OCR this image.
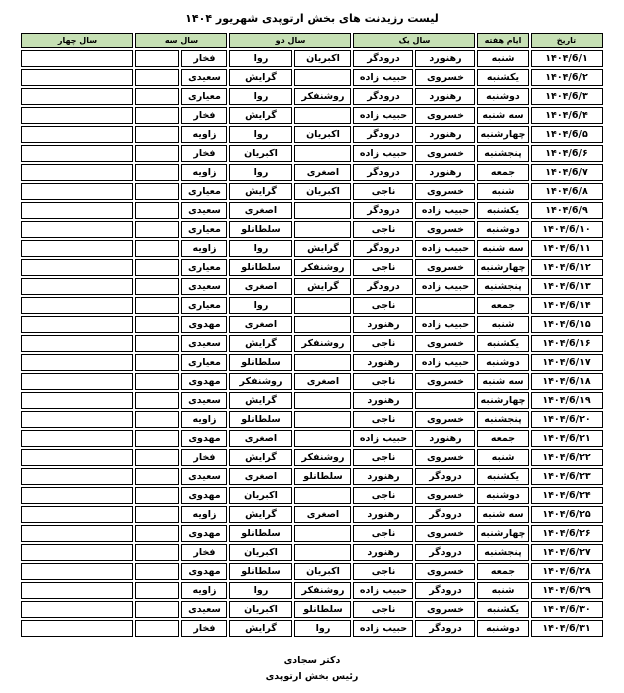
لیست رزیدنت های بخش ارتوپدی شهریور ۱۴۰۴
تاریخ	ایام هفته	سال یک		سال دو		سال سه		سال چهار
۱۴۰۴/6/۱	شنبه	رهنورد	درودگر	اکبریان	روا	فخار		
۱۴۰۴/6/۲	یکشنبه	خسروی	حبیب زاده		گرایش	سعیدی		
۱۴۰۴/6/۳	دوشنبه	رهنورد	درودگر	روشنفکر	روا	معیاری		
۱۴۰۴/6/۴	سه شنبه	خسروی	حبیب زاده		گرایش	فخار		
۱۴۰۴/6/۵	چهارشنبه	رهنورد	درودگر	اکبریان	روا	زاویه		
۱۴۰۴/6/۶	پنجشنبه	خسروی	حبیب زاده		اکبریان	فخار		
۱۴۰۴/6/۷	جمعه	رهنورد	درودگر	اصغری	روا	زاویه		
۱۴۰۴/6/۸	شنبه	خسروی	ناجی	اکبریان	گرایش	معیاری		
۱۴۰۴/6/۹	یکشنبه	حبیب زاده	درودگر		اصغری	سعیدی		
۱۴۰۴/6/۱۰	دوشنبه	خسروی	ناجی		سلطانلو	معیاری		
۱۴۰۴/6/۱۱	سه شنبه	حبیب زاده	درودگر	گرایش	روا	زاویه		
۱۴۰۴/6/۱۲	چهارشنبه	خسروی	ناجی	روشنفکر	سلطانلو	معیاری		
۱۴۰۴/6/۱۳	پنجشنبه	حبیب زاده	درودگر	گرایش	اصغری	سعیدی		
۱۴۰۴/6/۱۴	جمعه		ناجی		روا	معیاری		
۱۴۰۴/6/۱۵	شنبه	حبیب زاده	رهنورد		اصغری	مهدوی		
۱۴۰۴/6/۱۶	یکشنبه	خسروی	ناجی	روشنفکر	گرایش	سعیدی		
۱۴۰۴/6/۱۷	دوشنبه	حبیب زاده	رهنورد		سلطانلو	معیاری		
۱۴۰۴/6/۱۸	سه شنبه	خسروی	ناجی	اصغری	روشنفکر	مهدوی		
۱۴۰۴/6/۱۹	چهارشنبه		رهنورد		گرایش	سعیدی		
۱۴۰۴/6/۲۰	پنجشنبه	خسروی	ناجی		سلطانلو	زاویه		
۱۴۰۴/6/۲۱	جمعه	رهنورد	حبیب زاده		اصغری	مهدوی		
۱۴۰۴/6/۲۲	شنبه	خسروی	ناجی	روشنفکر	گرایش	فخار		
۱۴۰۴/6/۲۳	یکشنبه	درودگر	رهنورد	سلطانلو	اصغری	سعیدی		
۱۴۰۴/6/۲۴	دوشنبه	خسروی	ناجی		اکبریان	مهدوی		
۱۴۰۴/6/۲۵	سه شنبه	درودگر	رهنورد	اصغری	گرایش	زاویه		
۱۴۰۴/6/۲۶	چهارشنبه	خسروی	ناجی		سلطانلو	مهدوی		
۱۴۰۴/6/۲۷	پنجشنبه	درودگر	رهنورد		اکبریان	فخار		
۱۴۰۴/6/۲۸	جمعه	خسروی	ناجی	اکبریان	سلطانلو	مهدوی		
۱۴۰۴/6/۲۹	شنبه	درودگر	حبیب زاده	روشنفکر	روا	زاویه		
۱۴۰۴/6/۳۰	یکشنبه	خسروی	ناجی	سلطانلو	اکبریان	سعیدی		
۱۴۰۴/6/۳۱	دوشنبه	درودگر	حبیب زاده	روا	گرایش	فخار		
دکتر سجادی
رئیس بخش ارتوپدی
